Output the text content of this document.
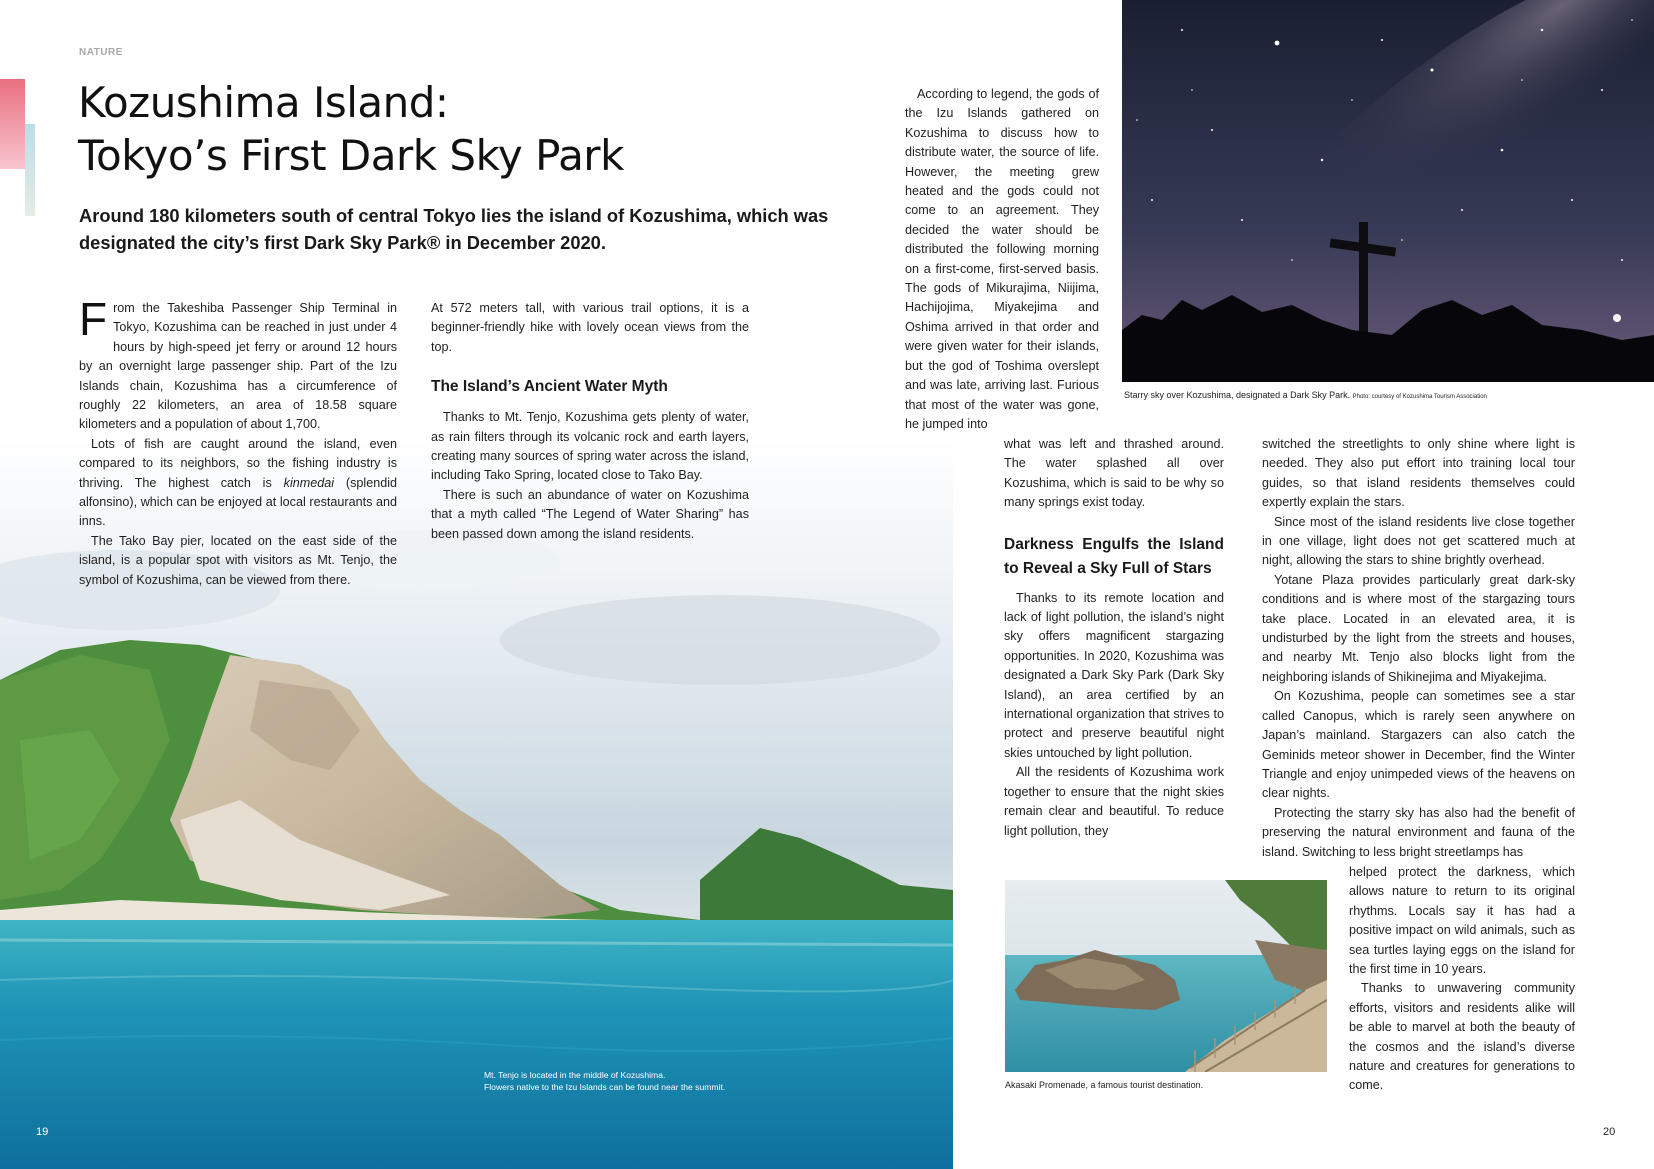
NATURE
Kozushima Island:
Tokyo’s First Dark Sky Park
Around 180 kilometers south of central Tokyo lies the island of Kozushima, which was designated the city’s first Dark Sky Park® in December 2020.

From the Takeshiba Passenger Ship Terminal in Tokyo, Kozushima can be reached in just under 4 hours by high-speed jet ferry or around 12 hours by an overnight large passenger ship. Part of the Izu Islands chain, Kozushima has a circumference of roughly 22 kilometers, an area of 18.58 square kilometers and a population of about 1,700.

Lots of fish are caught around the island, even compared to its neighbors, so the fishing industry is thriving. The highest catch is kinmedai (splendid alfonsino), which can be enjoyed at local restaurants and inns.

The Tako Bay pier, located on the east side of the island, is a popular spot with visitors as Mt. Tenjo, the symbol of Kozushima, can be viewed from there.

At 572 meters tall, with various trail options, it is a beginner-friendly hike with lovely ocean views from the top.

The Island’s Ancient Water Myth

Thanks to Mt. Tenjo, Kozushima gets plenty of water, as rain filters through its volcanic rock and earth layers, creating many sources of spring water across the island, including Tako Spring, located close to Tako Bay.

There is such an abundance of water on Kozushima that a myth called “The Legend of Water Sharing” has been passed down among the island residents.

Mt. Tenjo is located in the middle of Kozushima.
Flowers native to the Izu Islands can be found near the summit.
19
Starry sky over Kozushima, designated a Dark Sky Park. Photo: courtesy of Kozushima Tourism Association

According to legend, the gods of the Izu Islands gathered on Kozushima to discuss how to distribute water, the source of life. However, the meeting grew heated and the gods could not come to an agreement. They decided the water should be distributed the following morning on a first-come, first-served basis. The gods of Mikurajima, Niijima, Hachijojima, Miyakejima and Oshima arrived in that order and were given water for their islands, but the god of Toshima overslept and was late, arriving last. Furious that most of the water was gone, he jumped into

what was left and thrashed around. The water splashed all over Kozushima, which is said to be why so many springs exist today.

Darkness Engulfs the Island to Reveal a Sky Full of Stars

Thanks to its remote location and lack of light pollution, the island’s night sky offers magnificent stargazing opportunities. In 2020, Kozushima was designated a Dark Sky Park (Dark Sky Island), an area certified by an international organization that strives to protect and preserve beautiful night skies untouched by light pollution.

All the residents of Kozushima work together to ensure that the night skies remain clear and beautiful. To reduce light pollution, they

switched the streetlights to only shine where light is needed. They also put effort into training local tour guides, so that island residents themselves could expertly explain the stars.

Since most of the island residents live close together in one village, light does not get scattered much at night, allowing the stars to shine brightly overhead.

Yotane Plaza provides particularly great dark-sky conditions and is where most of the stargazing tours take place. Located in an elevated area, it is undisturbed by the light from the streets and houses, and nearby Mt. Tenjo also blocks light from the neighboring islands of Shikinejima and Miyakejima.

On Kozushima, people can sometimes see a star called Canopus, which is rarely seen anywhere on Japan’s mainland. Stargazers can also catch the Geminids meteor shower in December, find the Winter Triangle and enjoy unimpeded views of the heavens on clear nights.

Protecting the starry sky has also had the benefit of preserving the natural environment and fauna of the island. Switching to less bright streetlamps has

helped protect the darkness, which allows nature to return to its original rhythms. Locals say it has had a positive impact on wild animals, such as sea turtles laying eggs on the island for the first time in 10 years.

Thanks to unwavering community efforts, visitors and residents alike will be able to marvel at both the beauty of the cosmos and the island’s diverse nature and creatures for generations to come.

Akasaki Promenade, a famous tourist destination.
20
